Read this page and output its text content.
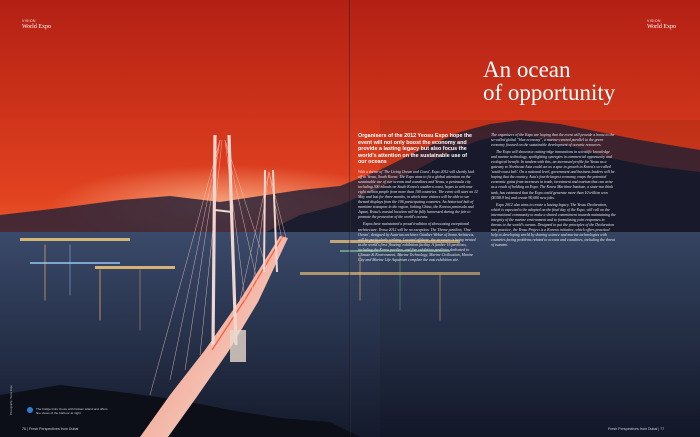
VISION
World Expo
VISION
World Expo
An ocean
of opportunity

Organisers of the 2012 Yeosu Expo hope the event will not only boost the economy and provide a lasting legacy but also focus the world's attention on the sustainable use of our oceans

With a theme of 'The Living Ocean and Coast', Expo 2012 will shortly kick off in Yeosu, South Korea. The Expo aims to fix a global attention on the sustainable use of our oceans and coastlines and Yeosu, a peninsula city including 300 islands on South Korea's southern coast, hopes to welcome eight million people from more than 100 countries. The event will start on 12 May and last for three months, in which time visitors will be able to see themed displays from the 106 participating countries. An historical hub of maritime transport in the region, linking China, the Korean peninsula and Japan, Yeosu's coastal location will be fully harnessed during the fair to promote the protection of the world's oceans.

Expos have maintained a proud tradition of showcasing exceptional architecture. Yeosu 2012 will be no exception. The Theme pavilion, 'One Ocean', designed by Austrian architect Günther Weber of Soma Architects, will be particularly striking. Located offshore, the structure is being treated as the world's first 'floating' exhibition facility. A further 16 pavilions, including the Korea pavilion, and five exhibition pavilions dedicated to Climate & Environment, Marine Technology, Marine Civilisation, Marine City and Marine Life Aquarium complete the vast exhibition site.

The organisers of the Expo are hoping that the event will provide a boost to the so-called global "blue economy", a marine-centred parallel to the green economy focused on the sustainable development of oceanic resources.

The Expo will showcase cutting-edge innovations in scientific knowledge and marine technology, spotlighting synergies in commercial opportunity and ecological benefit. In tandem with this, an increased profile for Yeosu as a gateway to Northeast Asia could act as a spur to growth in Korea's so-called 'south-coast belt'. On a national level, government and business leaders will be hoping that the country, Asia's fourth-largest economy, reaps the potential economic gains from increases in trade, investment and tourism that can arise as a result of holding an Expo. The Korea Maritime Institute, a state-run think tank, has estimated that the Expo could generate more than 10 trillion won ($US8.9 bn) and create 90,000 new jobs.

Expo 2012 also aims to create a lasting legacy. The Yeosu Declaration, which is expected to be adopted on the final day of the Expo, will call on the international community to make a shared commitment towards maintaining the integrity of the marine environment and to formulating joint responses to threats to the world's oceans. Designed to put the principles of the Declaration into practice, the Yeosu Project is a Korean initiative, which offers practical help to developing world by sharing science and marine technologies with countries facing problems related to oceans and coastlines, including the threat of tsunami.

The bridge links Yeosu with Dolsan island and offers fine views of the harbour at night
Photography: Yeosu Expo
76 | Fresh Perspectives from Dubai	Fresh Perspectives from Dubai | 77
